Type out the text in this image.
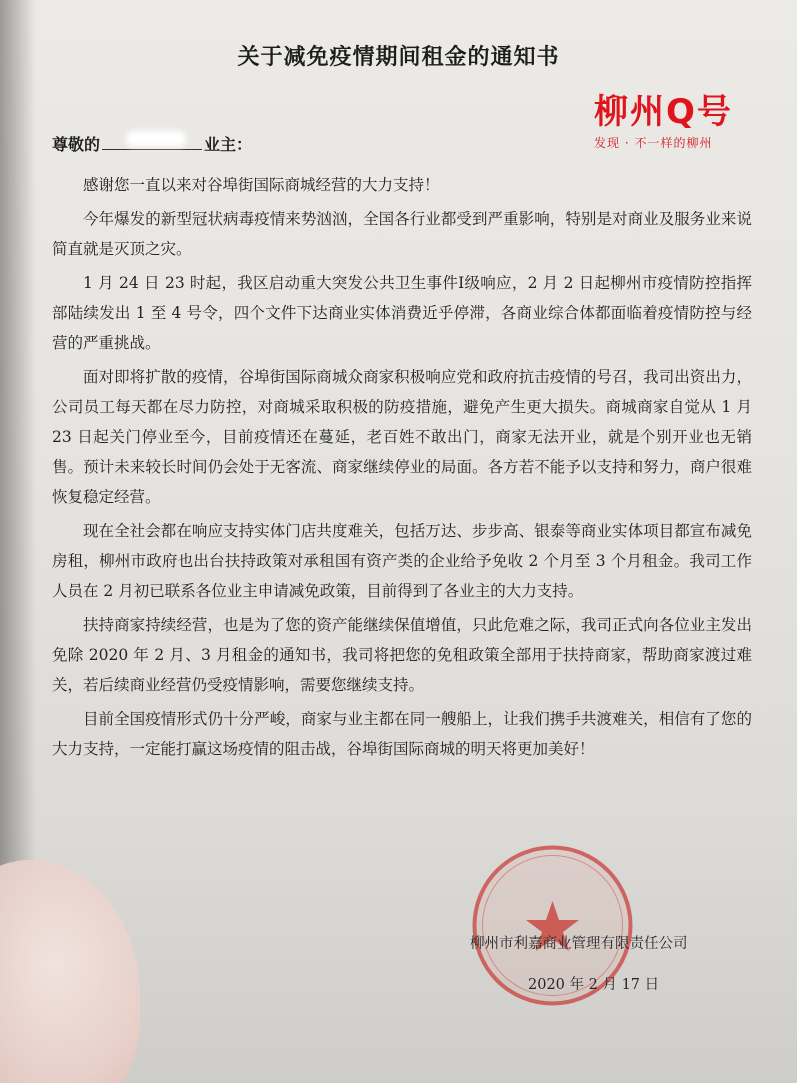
关于减免疫情期间租金的通知书
柳州Q号
发现 · 不一样的柳州
尊敬的	业主：

感谢您一直以来对谷埠街国际商城经营的大力支持！

今年爆发的新型冠状病毒疫情来势汹汹，全国各行业都受到严重影响，特别是对商业及服务业来说简直就是灭顶之灾。

1 月 24 日 23 时起，我区启动重大突发公共卫生事件Ⅰ级响应，2 月 2 日起柳州市疫情防控指挥部陆续发出 1 至 4 号令，四个文件下达商业实体消费近乎停滞，各商业综合体都面临着疫情防控与经营的严重挑战。

面对即将扩散的疫情，谷埠街国际商城众商家积极响应党和政府抗击疫情的号召，我司出资出力，公司员工每天都在尽力防控，对商城采取积极的防疫措施，避免产生更大损失。商城商家自觉从 1 月 23 日起关门停业至今，目前疫情还在蔓延，老百姓不敢出门，商家无法开业，就是个别开业也无销售。预计未来较长时间仍会处于无客流、商家继续停业的局面。各方若不能予以支持和努力，商户很难恢复稳定经营。

现在全社会都在响应支持实体门店共度难关，包括万达、步步高、银泰等商业实体项目都宣布减免房租，柳州市政府也出台扶持政策对承租国有资产类的企业给予免收 2 个月至 3 个月租金。我司工作人员在 2 月初已联系各位业主申请减免政策，目前得到了各业主的大力支持。

扶持商家持续经营，也是为了您的资产能继续保值增值，只此危难之际，我司正式向各位业主发出免除 2020 年 2 月、3 月租金的通知书，我司将把您的免租政策全部用于扶持商家，帮助商家渡过难关，若后续商业经营仍受疫情影响，需要您继续支持。

目前全国疫情形式仍十分严峻，商家与业主都在同一艘船上，让我们携手共渡难关，相信有了您的大力支持，一定能打赢这场疫情的阻击战，谷埠街国际商城的明天将更加美好！

柳州市利嘉商业管理有限责任公司
2020 年 2 月 17 日
